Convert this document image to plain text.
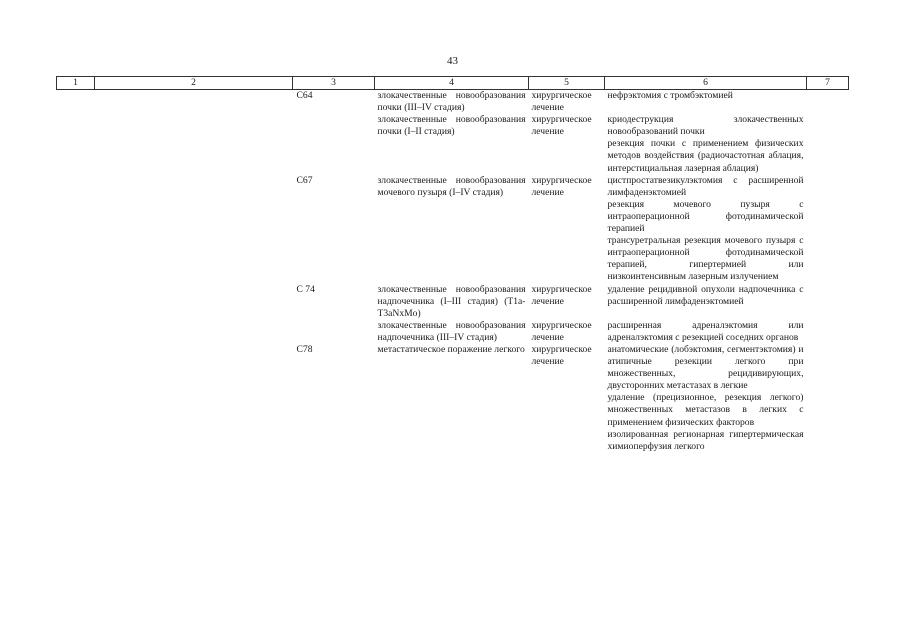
43
1	2	3	4	5	6	7
		C64	злокачественные новообразования почки (III–IV стадия)	хирургическое лечение	нефрэктомия с тромбэктомией	

			злокачественные новообразования почки (I–II стадия)	хирургическое лечение	криодеструкция злокачественных новообразований почки
резекция почки с применением физических методов воздействия (радиочастотная аблация, интерстициальная лазерная аблация)	

		C67	злокачественные новообразования мочевого пузыря (I–IV стадия)	хирургическое лечение	цистпростатвезикулэктомия с расширенной лимфаденэктомией
резекция мочевого пузыря с интраоперационной фотодинамической терапией
трансуретральная резекция мочевого пузыря с интраоперационной фотодинамической терапией, гипертермией или низкоинтенсивным лазерным излучением	

		C 74	злокачественные новообразования надпочечника (I–III стадия) (T1a-T3aNxMo)	хирургическое лечение	удаление рецидивной опухоли надпочечника с расширенной лимфаденэктомией	

			злокачественные новообразования надпочечника (III–IV стадия)	хирургическое лечение	расширенная адреналэктомия или адреналэктомия с резекцией соседних органов	

		C78	метастатическое поражение легкого	хирургическое лечение	анатомические (лобэктомия, сегментэктомия) и атипичные резекции легкого при множественных, рецидивирующих, двусторонних метастазах в легкие
удаление (прецизионное, резекция легкого) множественных метастазов в легких с применением физических факторов
изолированная регионарная гипертермическая химиоперфузия легкого	
